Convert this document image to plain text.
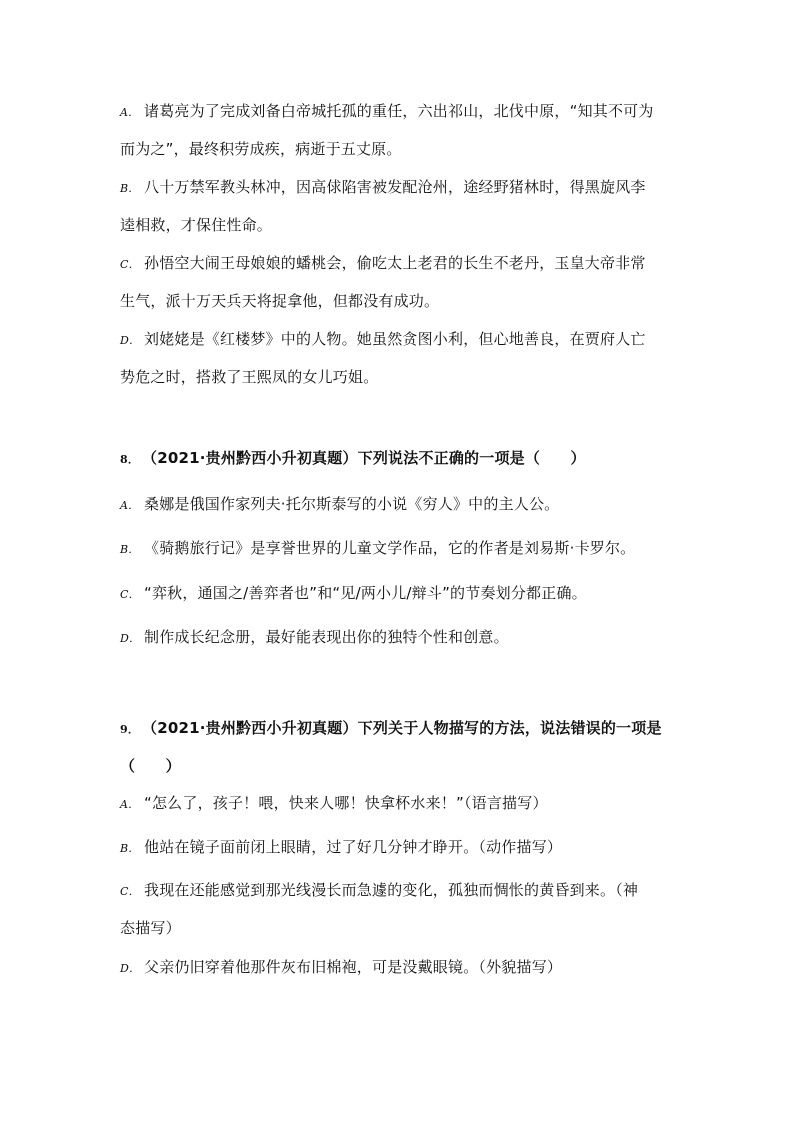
A． 诸葛亮为了完成刘备白帝城托孤的重任，六出祁山，北伐中原，“知其不可为
而为之”，最终积劳成疾，病逝于五丈原。
B． 八十万禁军教头林冲，因高俅陷害被发配沧州，途经野猪林时，得黑旋风李
逵相救，才保住性命。
C． 孙悟空大闹王母娘娘的蟠桃会，偷吃太上老君的长生不老丹，玉皇大帝非常
生气，派十万天兵天将捉拿他，但都没有成功。
D． 刘姥姥是《红楼梦》中的人物。她虽然贪图小利，但心地善良，在贾府人亡
势危之时，搭救了王熙凤的女儿巧姐。
8． （2021·贵州黔西小升初真题）下列说法不正确的一项是（　　）
A． 桑娜是俄国作家列夫·托尔斯泰写的小说《穷人》中的主人公。
B． 《骑鹅旅行记》是享誉世界的儿童文学作品，它的作者是刘易斯·卡罗尔。
C． “弈秋，通国之/善弈者也”和“见/两小儿/辩斗”的节奏划分都正确。
D． 制作成长纪念册，最好能表现出你的独特个性和创意。
9． （2021·贵州黔西小升初真题）下列关于人物描写的方法，说法错误的一项是
（　　）
A． “怎么了，孩子！喂，快来人哪！快拿杯水来！”（语言描写）
B． 他站在镜子面前闭上眼睛，过了好几分钟才睁开。（动作描写）
C． 我现在还能感觉到那光线漫长而急遽的变化，孤独而惆怅的黄昏到来。（神
态描写）
D． 父亲仍旧穿着他那件灰布旧棉袍，可是没戴眼镜。（外貌描写）
